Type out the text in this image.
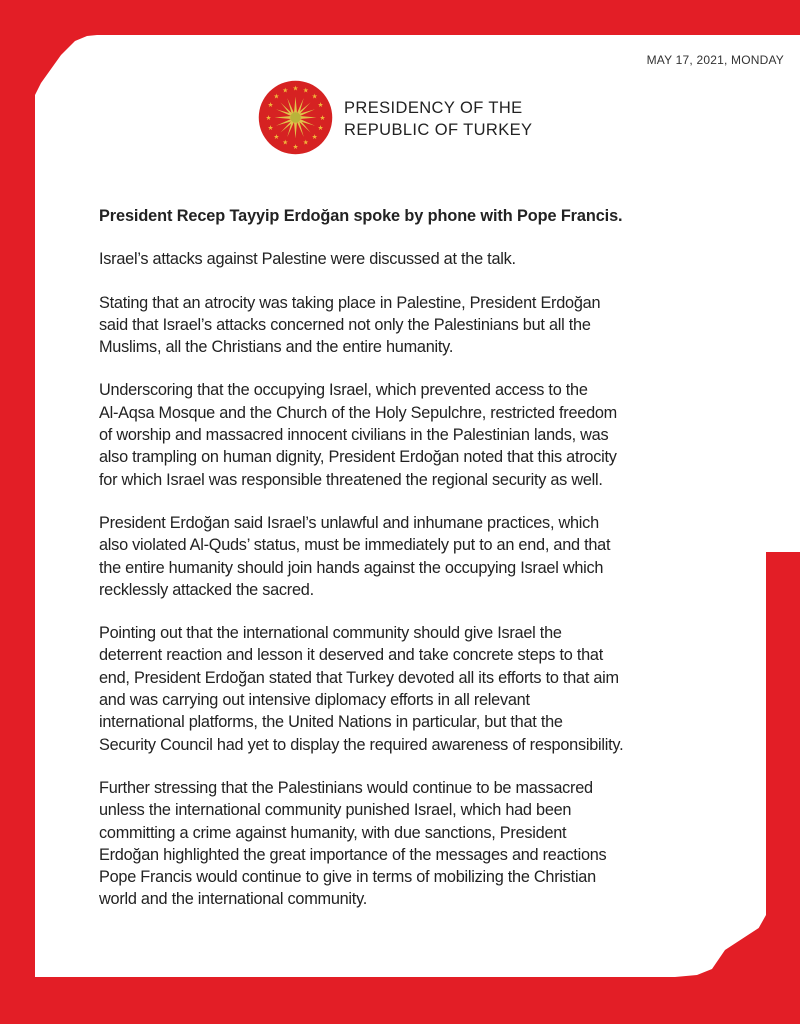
MAY 17, 2021, MONDAY
★ ★
★
★
★
★
★
★
★
★
★
★
★
★
★
★
PRESIDENCY OF THE
REPUBLIC OF TURKEY
President Recep Tayyip Erdoğan spoke by phone with Pope Francis.
Israel’s attacks against Palestine were discussed at the talk.
Stating that an atrocity was taking place in Palestine, President Erdoğan
said that Israel’s attacks concerned not only the Palestinians but all the
Muslims, all the Christians and the entire humanity.
Underscoring that the occupying Israel, which prevented access to the
Al-Aqsa Mosque and the Church of the Holy Sepulchre, restricted freedom
of worship and massacred innocent civilians in the Palestinian lands, was
also trampling on human dignity, President Erdoğan noted that this atrocity
for which Israel was responsible threatened the regional security as well.
President Erdoğan said Israel’s unlawful and inhumane practices, which
also violated Al-Quds’ status, must be immediately put to an end, and that
the entire humanity should join hands against the occupying Israel which
recklessly attacked the sacred.
Pointing out that the international community should give Israel the
deterrent reaction and lesson it deserved and take concrete steps to that
end, President Erdoğan stated that Turkey devoted all its efforts to that aim
and was carrying out intensive diplomacy efforts in all relevant
international platforms, the United Nations in particular, but that the
Security Council had yet to display the required awareness of responsibility.
Further stressing that the Palestinians would continue to be massacred
unless the international community punished Israel, which had been
committing a crime against humanity, with due sanctions, President
Erdoğan highlighted the great importance of the messages and reactions
Pope Francis would continue to give in terms of mobilizing the Christian
world and the international community.
